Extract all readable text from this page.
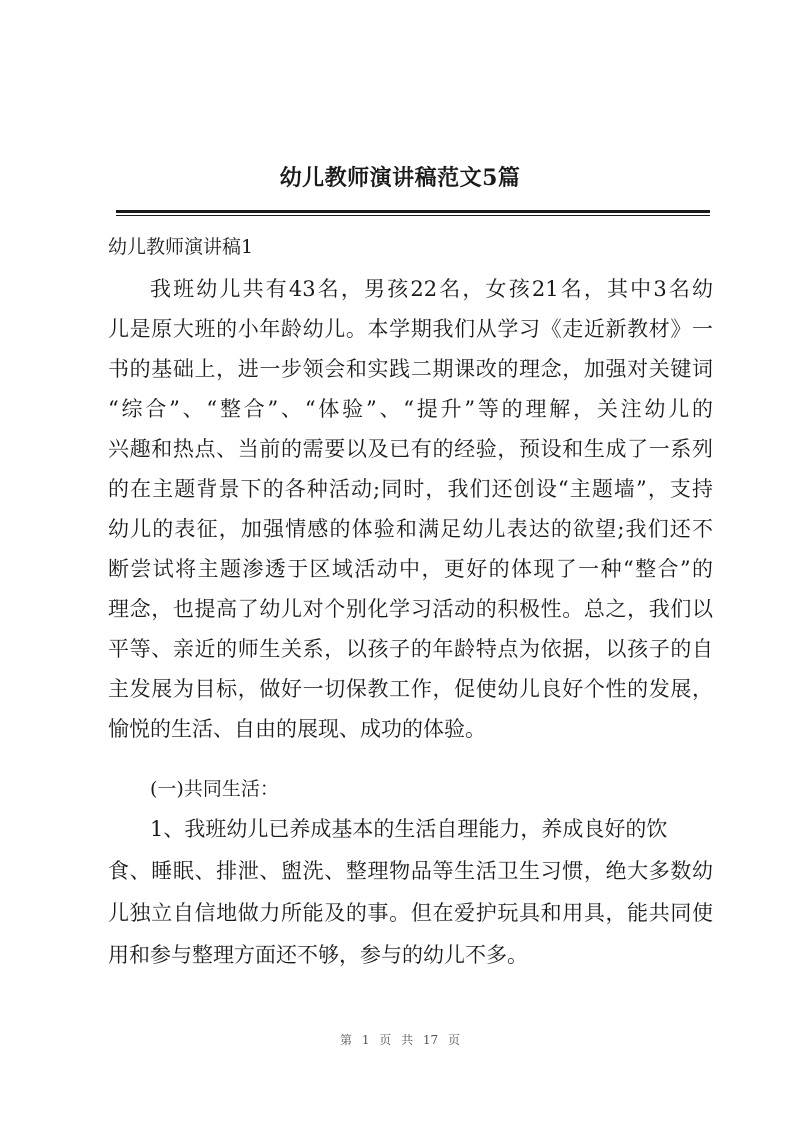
幼儿教师演讲稿范文5篇
幼儿教师演讲稿1
我班幼儿共有43名，男孩22名，女孩21名，其中3名幼
儿是原大班的小年龄幼儿。本学期我们从学习《走近新教材》一
书的基础上，进一步领会和实践二期课改的理念，加强对关键词
“综合”、“整合”、“体验”、“提升”等的理解，关注幼儿的
兴趣和热点、当前的需要以及已有的经验，预设和生成了一系列
的在主题背景下的各种活动;同时，我们还创设“主题墙”，支持
幼儿的表征，加强情感的体验和满足幼儿表达的欲望;我们还不
断尝试将主题渗透于区域活动中，更好的体现了一种“整合”的
理念，也提高了幼儿对个别化学习活动的积极性。总之，我们以
平等、亲近的师生关系，以孩子的年龄特点为依据，以孩子的自
主发展为目标，做好一切保教工作，促使幼儿良好个性的发展，
愉悦的生活、自由的展现、成功的体验。
(一)共同生活：
1、我班幼儿已养成基本的生活自理能力，养成良好的饮
食、睡眠、排泄、盥洗、整理物品等生活卫生习惯，绝大多数幼
儿独立自信地做力所能及的事。但在爱护玩具和用具，能共同使
用和参与整理方面还不够，参与的幼儿不多。
第 1 页 共 17 页
